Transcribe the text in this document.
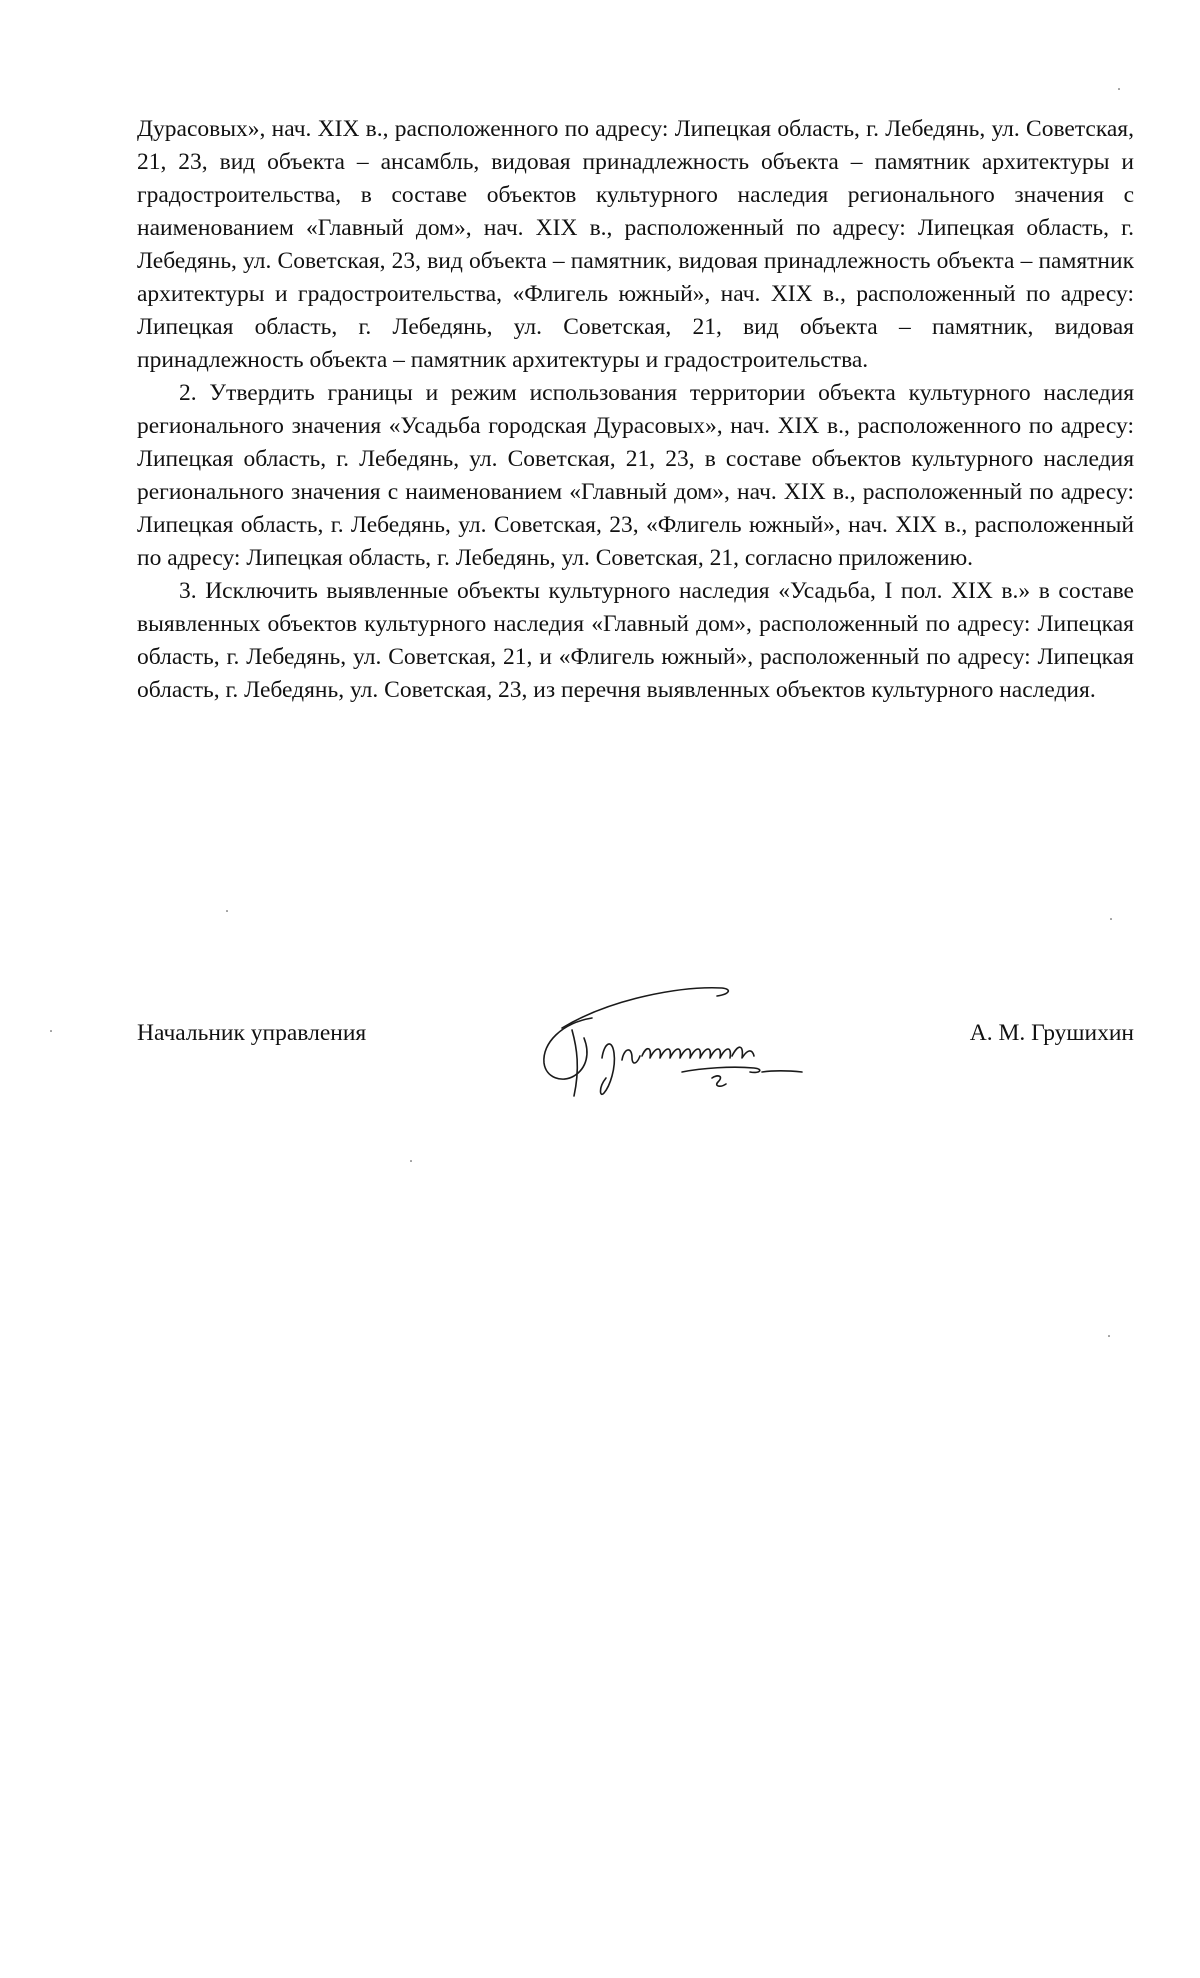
Дурасовых», нач. XIX в., расположенного по адресу: Липецкая область, г. Лебедянь, ул. Советская, 21, 23, вид объекта – ансамбль, видовая принадлежность объекта – памятник архитектуры и градостроительства, в составе объектов культурного наследия регионального значения с наименованием «Главный дом», нач. XIX в., расположенный по адресу: Липецкая область, г. Лебедянь, ул. Советская, 23, вид объекта – памятник, видовая принадлежность объекта – памятник архитектуры и градостроительства, «Флигель южный», нач. XIX в., расположенный по адресу: Липецкая область, г. Лебедянь, ул. Советская, 21, вид объекта – памятник, видовая принадлежность объекта – памятник архитектуры и градостроительства.

2. Утвердить границы и режим использования территории объекта культурного наследия регионального значения «Усадьба городская Дурасовых», нач. XIX в., расположенного по адресу: Липецкая область, г. Лебедянь, ул. Советская, 21, 23, в составе объектов культурного наследия регионального значения с наименованием «Главный дом», нач. XIX в., расположенный по адресу: Липецкая область, г. Лебедянь, ул. Советская, 23, «Флигель южный», нач. XIX в., расположенный по адресу: Липецкая область, г. Лебедянь, ул. Советская, 21, согласно приложению.

3. Исключить выявленные объекты культурного наследия «Усадьба, I пол. XIX в.» в составе выявленных объектов культурного наследия «Главный дом», расположенный по адресу: Липецкая область, г. Лебедянь, ул. Советская, 21, и «Флигель южный», расположенный по адресу: Липецкая область, г. Лебедянь, ул. Советская, 23, из перечня выявленных объектов культурного наследия.

Начальник управления	А. М. Грушихин
